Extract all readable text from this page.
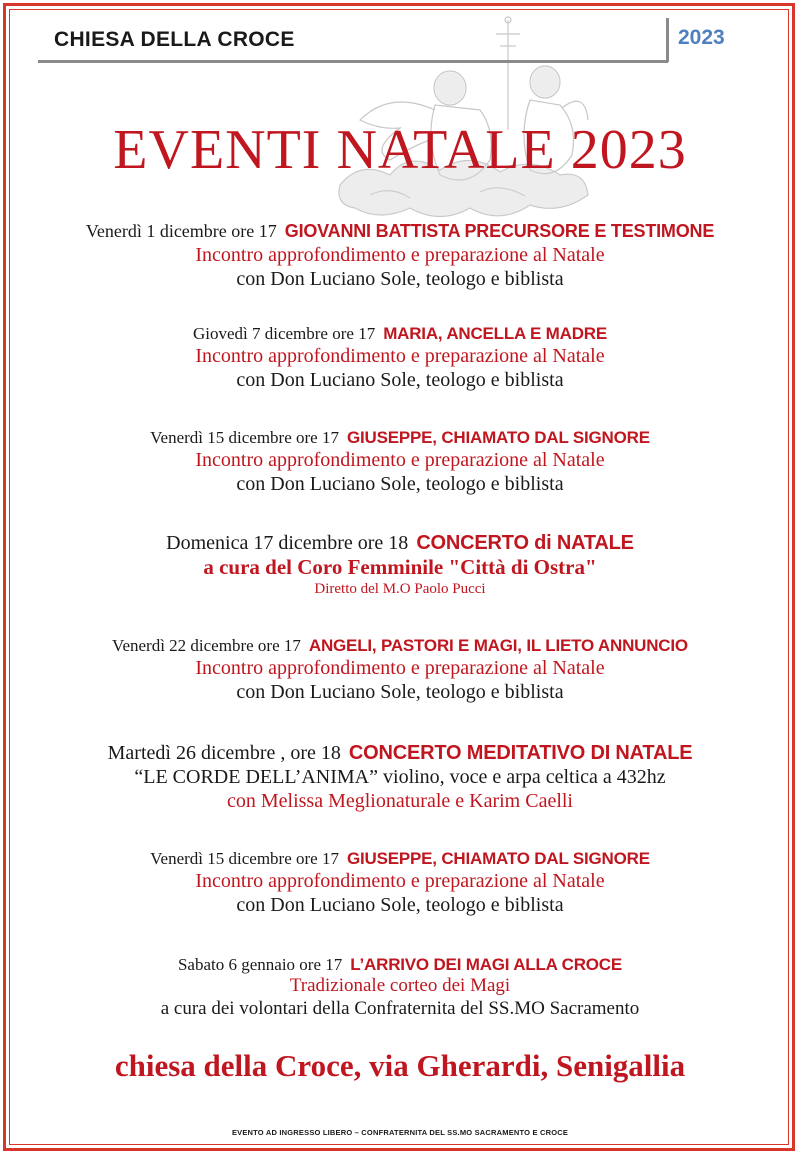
CHIESA DELLA CROCE	2023
EVENTI NATALE 2023
Venerdì 1 dicembre ore 17 GIOVANNI BATTISTA PRECURSORE E TESTIMONE
Incontro approfondimento e preparazione al Natale
con Don Luciano Sole, teologo e biblista
Giovedì 7 dicembre ore 17 MARIA, ANCELLA E MADRE
Incontro approfondimento e preparazione al Natale
con Don Luciano Sole, teologo e biblista
Venerdì 15 dicembre ore 17 GIUSEPPE, CHIAMATO DAL SIGNORE
Incontro approfondimento e preparazione al Natale
con Don Luciano Sole, teologo e biblista
Domenica 17 dicembre ore 18 CONCERTO di NATALE
a cura del Coro Femminile "Città di Ostra"
Diretto del M.O Paolo Pucci
Venerdì 22 dicembre ore 17 ANGELI, PASTORI E MAGI, IL LIETO ANNUNCIO
Incontro approfondimento e preparazione al Natale
con Don Luciano Sole, teologo e biblista
Martedì 26 dicembre , ore 18 CONCERTO MEDITATIVO DI NATALE
“LE CORDE DELL’ANIMA” violino, voce e arpa celtica a 432hz
con Melissa Meglionaturale e Karim Caelli
Venerdì 15 dicembre ore 17 GIUSEPPE, CHIAMATO DAL SIGNORE
Incontro approfondimento e preparazione al Natale
con Don Luciano Sole, teologo e biblista
Sabato 6 gennaio ore 17 L’ARRIVO DEI MAGI ALLA CROCE
Tradizionale corteo dei Magi
a cura dei volontari della Confraternita del SS.MO Sacramento
chiesa della Croce, via Gherardi, Senigallia
EVENTO AD INGRESSO LIBERO – CONFRATERNITA DEL SS.MO SACRAMENTO E CROCE
